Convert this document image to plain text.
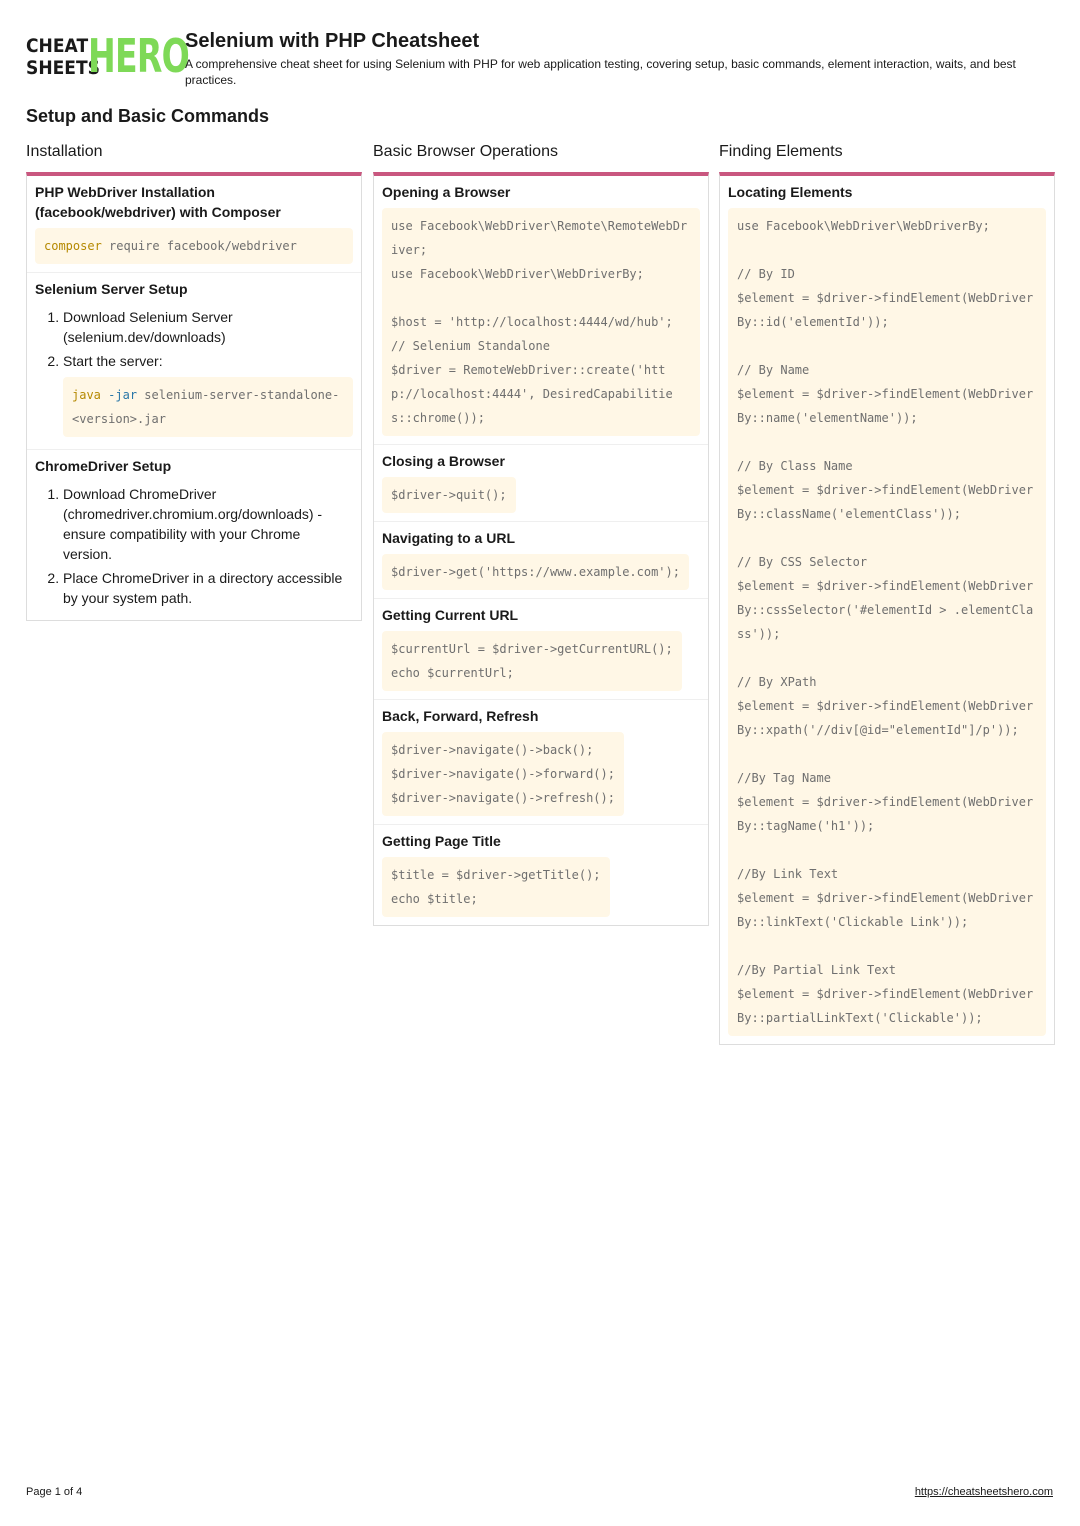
CHEAT
SHEETS
HERO
Selenium with PHP Cheatsheet
A comprehensive cheat sheet for using Selenium with PHP for web application testing, covering setup, basic commands, element interaction, waits, and best practices.
Setup and Basic Commands
Installation
PHP WebDriver Installation (facebook/webdriver) with Composer
composer require facebook/webdriver
Selenium Server Setup
1. Download Selenium Server (selenium.dev/downloads)
2. Start the server:
java -jar selenium-server-standalone-<version>.jar
ChromeDriver Setup
1. Download ChromeDriver (chromedriver.chromium.org/downloads) - ensure compatibility with your Chrome version.
2. Place ChromeDriver in a directory accessible by your system path.
Basic Browser Operations
Opening a Browser
use Facebook\WebDriver\Remote\RemoteWebDriver;
use Facebook\WebDriver\WebDriverBy;

$host = 'http://localhost:4444/wd/hub';
// Selenium Standalone
$driver = RemoteWebDriver::create('http://localhost:4444', DesiredCapabilities::chrome());
Closing a Browser
$driver->quit();
Navigating to a URL
$driver->get('https://www.example.com');
Getting Current URL
$currentUrl = $driver->getCurrentURL();
echo $currentUrl;
Back, Forward, Refresh
$driver->navigate()->back();
$driver->navigate()->forward();
$driver->navigate()->refresh();
Getting Page Title
$title = $driver->getTitle();
echo $title;
Finding Elements
Locating Elements
use Facebook\WebDriver\WebDriverBy;

// By ID
$element = $driver->findElement(WebDriverBy::id('elementId'));

// By Name
$element = $driver->findElement(WebDriverBy::name('elementName'));

// By Class Name
$element = $driver->findElement(WebDriverBy::className('elementClass'));

// By CSS Selector
$element = $driver->findElement(WebDriverBy::cssSelector('#elementId > .elementClass'));

// By XPath
$element = $driver->findElement(WebDriverBy::xpath('//div[@id="elementId"]/p'));

//By Tag Name
$element = $driver->findElement(WebDriverBy::tagName('h1'));

//By Link Text
$element = $driver->findElement(WebDriverBy::linkText('Clickable Link'));

//By Partial Link Text
$element = $driver->findElement(WebDriverBy::partialLinkText('Clickable'));

Page 1 of 4	https://cheatsheetshero.com
